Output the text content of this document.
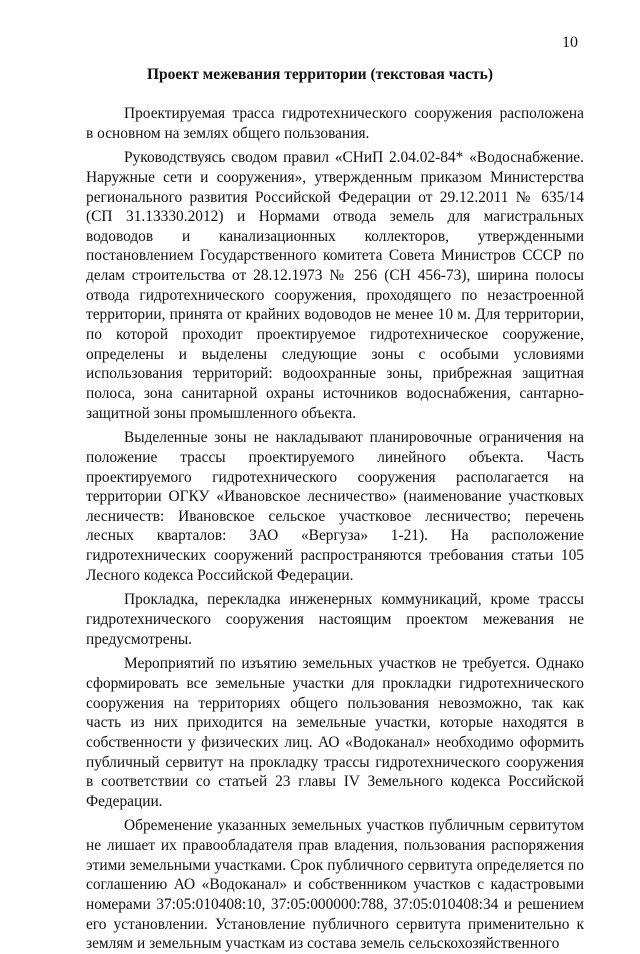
10
Проект межевания территории (текстовая часть)
Проектируемая трасса гидротехнического сооружения расположена
в основном на землях общего пользования.
Руководствуясь сводом правил «СНиП 2.04.02-84* «Водоснабжение.
Наружные сети и сооружения», утвержденным приказом Министерства
регионального развития Российской Федерации от 29.12.2011 № 635/14
(СП 31.13330.2012) и Нормами отвода земель для магистральных
водоводов и канализационных коллекторов, утвержденными
постановлением Государственного комитета Совета Министров СССР по
делам строительства от 28.12.1973 № 256 (СН 456-73), ширина полосы
отвода гидротехнического сооружения, проходящего по незастроенной
территории, принята от крайних водоводов не менее 10 м. Для территории,
по которой проходит проектируемое гидротехническое сооружение,
определены и выделены следующие зоны с особыми условиями
использования территорий: водоохранные зоны, прибрежная защитная
полоса, зона санитарной охраны источников водоснабжения, сантарно-
защитной зоны промышленного объекта.
Выделенные зоны не накладывают планировочные ограничения на
положение трассы проектируемого линейного объекта. Часть
проектируемого гидротехнического сооружения располагается на
территории ОГКУ «Ивановское лесничество» (наименование участковых
лесничеств: Ивановское сельское участковое лесничество; перечень
лесных кварталов: ЗАО «Вергуза» 1-21). На расположение
гидротехнических сооружений распространяются требования статьи 105
Лесного кодекса Российской Федерации.
Прокладка, перекладка инженерных коммуникаций, кроме трассы
гидротехнического сооружения настоящим проектом межевания не
предусмотрены.
Мероприятий по изъятию земельных участков не требуется. Однако
сформировать все земельные участки для прокладки гидротехнического
сооружения на территориях общего пользования невозможно, так как
часть из них приходится на земельные участки, которые находятся в
собственности у физических лиц. АО «Водоканал» необходимо оформить
публичный сервитут на прокладку трассы гидротехнического сооружения
в соответствии со статьей 23 главы IV Земельного кодекса Российской
Федерации.
Обременение указанных земельных участков публичным сервитутом
не лишает их правообладателя прав владения, пользования распоряжения
этими земельными участками. Срок публичного сервитута определяется по
соглашению АО «Водоканал» и собственником участков с кадастровыми
номерами 37:05:010408:10, 37:05:000000:788, 37:05:010408:34 и решением
его установлении. Установление публичного сервитута применительно к
землям и земельным участкам из состава земель сельскохозяйственного
